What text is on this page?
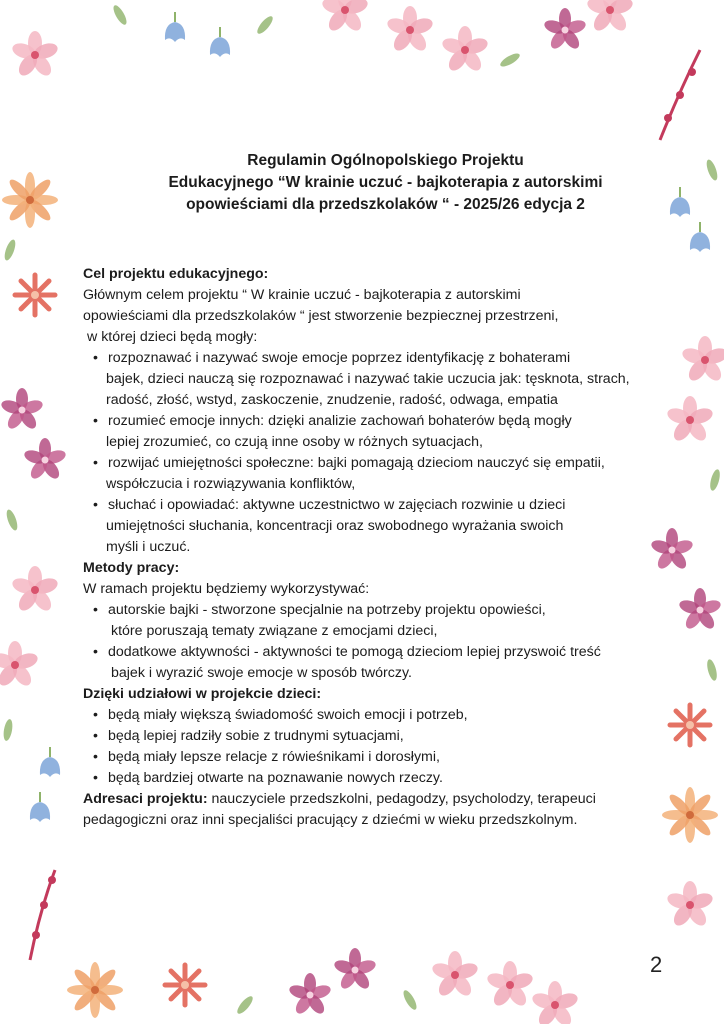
Regulamin Ogólnopolskiego Projektu
Edukacyjnego “W krainie uczuć - bajkoterapia z autorskimi
opowieściami dla przedszkolaków “ - 2025/26 edycja 2
Cel projektu edukacyjnego:
Głównym celem projektu “ W krainie uczuć - bajkoterapia z autorskimi
opowieściami dla przedszkolaków “ jest stworzenie bezpiecznej przestrzeni,
w której dzieci będą mogły:
• rozpoznawać i nazywać swoje emocje poprzez identyfikację z bohaterami
bajek, dzieci nauczą się rozpoznawać i nazywać takie uczucia jak: tęsknota, strach,
radość, złość, wstyd, zaskoczenie, znudzenie, radość, odwaga, empatia
• rozumieć emocje innych: dzięki analizie zachowań bohaterów będą mogły
lepiej zrozumieć, co czują inne osoby w różnych sytuacjach,
• rozwijać umiejętności społeczne: bajki pomagają dzieciom nauczyć się empatii,
współczucia i rozwiązywania konfliktów,
• słuchać i opowiadać: aktywne uczestnictwo w zajęciach rozwinie u dzieci
umiejętności słuchania, koncentracji oraz swobodnego wyrażania swoich
myśli i uczuć.
Metody pracy:
W ramach projektu będziemy wykorzystywać:
• autorskie bajki - stworzone specjalnie na potrzeby projektu opowieści,
które poruszają tematy związane z emocjami dzieci,
• dodatkowe aktywności - aktywności te pomogą dzieciom lepiej przyswoić treść
bajek i wyrazić swoje emocje w sposób twórczy.
Dzięki udziałowi w projekcie dzieci:
• będą miały większą świadomość swoich emocji i potrzeb,
• będą lepiej radziły sobie z trudnymi sytuacjami,
• będą miały lepsze relacje z rówieśnikami i dorosłymi,
• będą bardziej otwarte na poznawanie nowych rzeczy.
Adresaci projektu: nauczyciele przedszkolni, pedagodzy, psycholodzy, terapeuci
pedagogiczni oraz inni specjaliści pracujący z dziećmi w wieku przedszkolnym.
2
